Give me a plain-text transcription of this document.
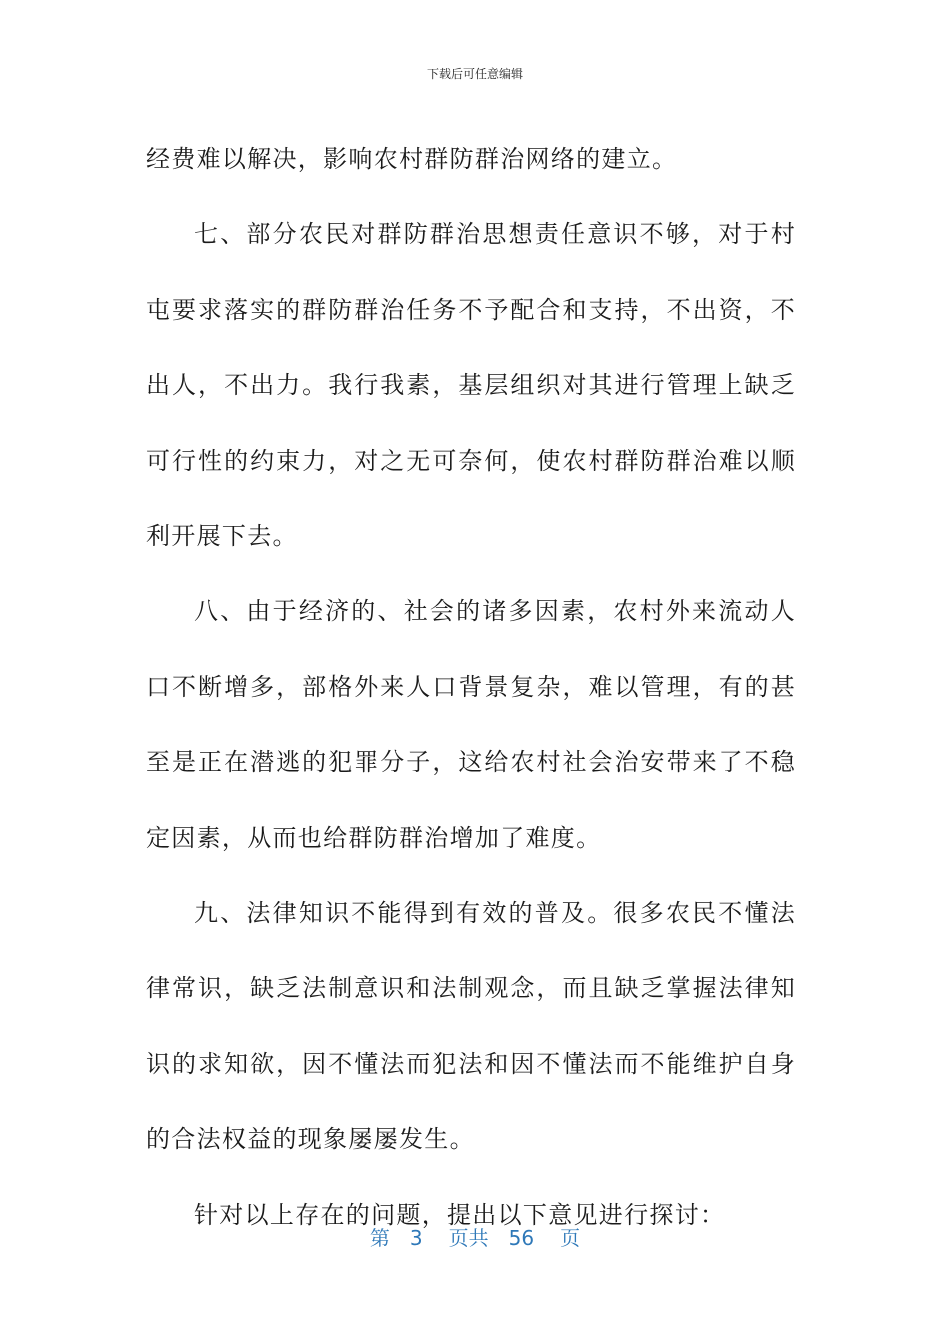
下载后可任意编辑

经费难以解决，影响农村群防群治网络的建立。

七、部分农民对群防群治思想责任意识不够，对于村屯要求落实的群防群治任务不予配合和支持，不出资，不出人，不出力。我行我素，基层组织对其进行管理上缺乏可行性的约束力，对之无可奈何，使农村群防群治难以顺利开展下去。

八、由于经济的、社会的诸多因素，农村外来流动人口不断增多，部格外来人口背景复杂，难以管理，有的甚至是正在潜逃的犯罪分子，这给农村社会治安带来了不稳定因素，从而也给群防群治增加了难度。

九、法律知识不能得到有效的普及。很多农民不懂法律常识，缺乏法制意识和法制观念，而且缺乏掌握法律知识的求知欲，因不懂法而犯法和因不懂法而不能维护自身的合法权益的现象屡屡发生。

针对以上存在的问题，提出以下意见进行探讨：

第 3 页共 56 页
